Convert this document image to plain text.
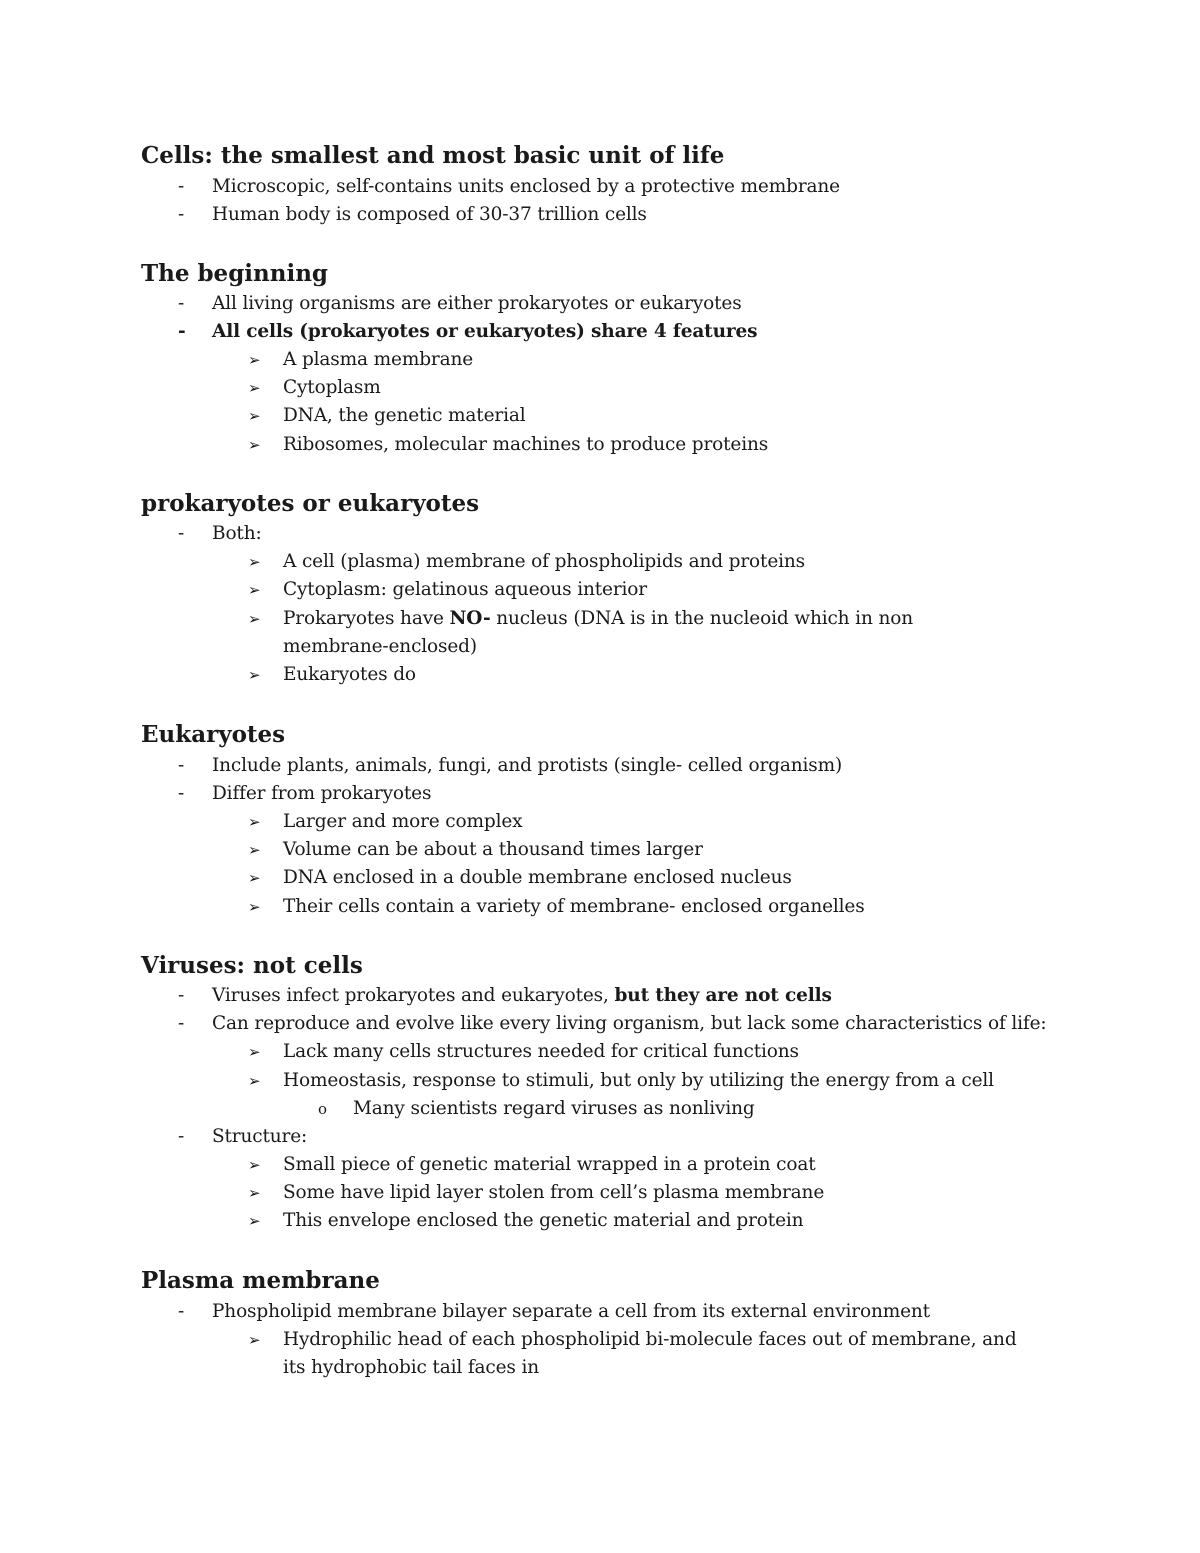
Cells: the smallest and most basic unit of life
- Microscopic, self-contains units enclosed by a protective membrane
- Human body is composed of 30-37 trillion cells
The beginning
- All living organisms are either prokaryotes or eukaryotes
- All cells (prokaryotes or eukaryotes) share 4 features
➢ A plasma membrane
➢ Cytoplasm
➢ DNA, the genetic material
➢ Ribosomes, molecular machines to produce proteins
prokaryotes or eukaryotes
- Both:
➢ A cell (plasma) membrane of phospholipids and proteins
➢ Cytoplasm: gelatinous aqueous interior
➢ Prokaryotes have NO- nucleus (DNA is in the nucleoid which in non
membrane-enclosed)
➢ Eukaryotes do
Eukaryotes
- Include plants, animals, fungi, and protists (single- celled organism)
- Differ from prokaryotes
➢ Larger and more complex
➢ Volume can be about a thousand times larger
➢ DNA enclosed in a double membrane enclosed nucleus
➢ Their cells contain a variety of membrane- enclosed organelles
Viruses: not cells
- Viruses infect prokaryotes and eukaryotes, but they are not cells
- Can reproduce and evolve like every living organism, but lack some characteristics of life:
➢ Lack many cells structures needed for critical functions
➢ Homeostasis, response to stimuli, but only by utilizing the energy from a cell
o Many scientists regard viruses as nonliving
- Structure:
➢ Small piece of genetic material wrapped in a protein coat
➢ Some have lipid layer stolen from cell’s plasma membrane
➢ This envelope enclosed the genetic material and protein
Plasma membrane
- Phospholipid membrane bilayer separate a cell from its external environment
➢ Hydrophilic head of each phospholipid bi-molecule faces out of membrane, and
its hydrophobic tail faces in
